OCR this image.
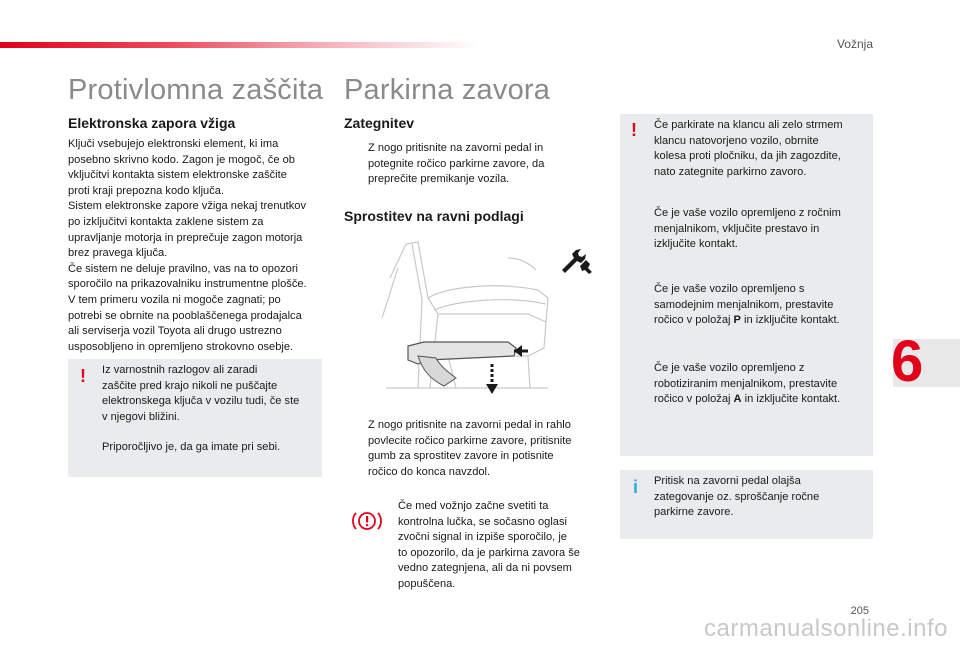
Vožnja
Protivlomna zaščita
Elektronska zapora vžiga

Ključi vsebujejo elektronski element, ki ima

posebno skrivno kodo. Zagon je mogoč, če ob

vključitvi kontakta sistem elektronske zaščite

proti kraji prepozna kodo ključa.

Sistem elektronske zapore vžiga nekaj trenutkov

po izključitvi kontakta zaklene sistem za

upravljanje motorja in preprečuje zagon motorja

brez pravega ključa.

Če sistem ne deluje pravilno, vas na to opozori

sporočilo na prikazovalniku instrumentne plošče.

V tem primeru vozila ni mogoče zagnati; po

potrebi se obrnite na pooblaščenega prodajalca

ali serviserja vozil Toyota ali drugo ustrezno

usposobljeno in opremljeno strokovno osebje.

! Iz varnostnih razlogov ali zaradi

zaščite pred krajo nikoli ne puščajte

elektronskega ključa v vozilu tudi, če ste

v njegovi bližini.

Priporočljivo je, da ga imate pri sebi.

Parkirna zavora
Zategnitev

Z nogo pritisnite na zavorni pedal in

potegnite ročico parkirne zavore, da

preprečite premikanje vozila.

Sprostitev na ravni podlagi

Z nogo pritisnite na zavorni pedal in rahlo

povlecite ročico parkirne zavore, pritisnite

gumb za sprostitev zavore in potisnite

ročico do konca navzdol.

Če med vožnjo začne svetiti ta

kontrolna lučka, se sočasno oglasi

zvočni signal in izpiše sporočilo, je

to opozorilo, da je parkirna zavora še

vedno zategnjena, ali da ni povsem

popuščena.

! Če parkirate na klancu ali zelo strmem

klancu natovorjeno vozilo, obrnite

kolesa proti pločniku, da jih zagozdite,

nato zategnite parkirno zavoro.

Če je vaše vozilo opremljeno z ročnim

menjalnikom, vključite prestavo in

izključite kontakt.

Če je vaše vozilo opremljeno s

samodejnim menjalnikom, prestavite

ročico v položaj P in izključite kontakt.

Če je vaše vozilo opremljeno z

robotiziranim menjalnikom, prestavite

ročico v položaj A in izključite kontakt.

i Pritisk na zavorni pedal olajša

zategovanje oz. sproščanje ročne

parkirne zavore.

6
205
carmanualsonline.info
